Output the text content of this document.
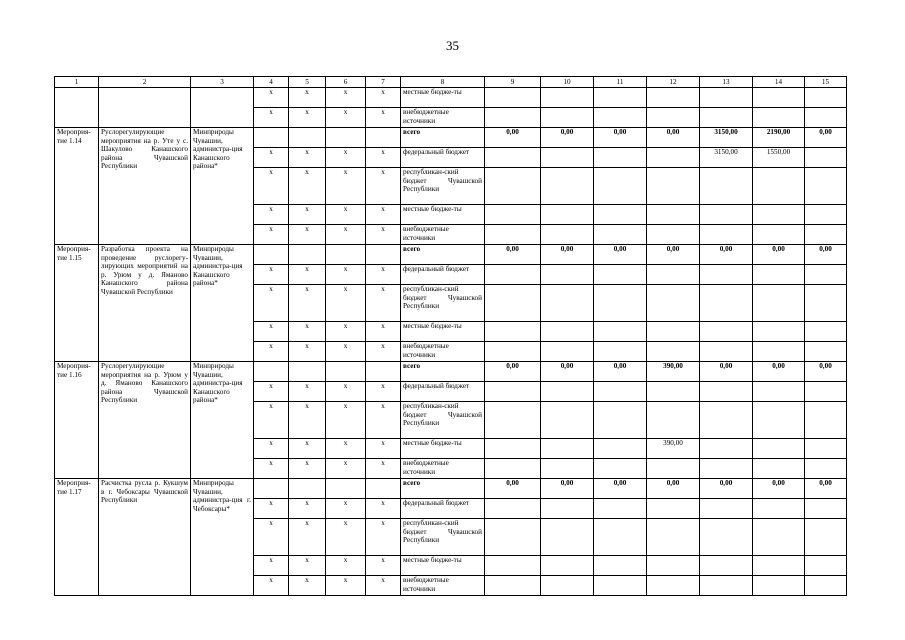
35
1	2	3	4	5	6	7	8	9	10	11	12	13	14	15
			х	х	х	х	местные бюдже-ты							
			х	х	х	х	внебюджетные источники							
Мероприя-тие 1.14	Руслорегулирующие мероприятия на р. Уте у с. Шакулово Канашского района Чувашской Республики	Минприроды Чувашии, администра-ция Канашского района*					всего	0,00	0,00	0,00	0,00	3150,00	2190,00	0,00
			х	х	х	х	федеральный бюджет					3150,00	1550,00	
			х	х	х	х	республикан-ский бюджет Чувашской Республики							
			х	х	х	х	местные бюдже-ты							
			х	х	х	х	внебюджетные источники							
Мероприя-тие 1.15	Разработка проекта на проведение руслорегулирующих мероприятий на р. Урюм у д. Яманово Канашского района Чувашской Республики	Минприроды Чувашии, администра-ция Канашского района*					всего	0,00	0,00	0,00	0,00	0,00	0,00	0,00
			х	х	х	х	федеральный бюджет							
			х	х	х	х	республикан-ский бюджет Чувашской Республики							
			х	х	х	х	местные бюдже-ты							
			х	х	х	х	внебюджетные источники							
Мероприя-тие 1.16	Руслорегулирующие мероприятия на р. Урюм у д. Яманово Канашского района Чувашской Республики	Минприроды Чувашии, администра-ция Канашского района*					всего	0,00	0,00	0,00	390,00	0,00	0,00	0,00
			х	х	х	х	федеральный бюджет							
			х	х	х	х	республикан-ский бюджет Чувашской Республики							
			х	х	х	х	местные бюдже-ты				390,00			
			х	х	х	х	внебюджетные источники							
Мероприя-тие 1.17	Расчистка русла р. Кукшум в г. Чебоксары Чувашской Республики	Минприроды Чувашии, администра-ция г. Чебоксары*					всего	0,00	0,00	0,00	0,00	0,00	0,00	0,00
			х	х	х	х	федеральный бюджет							
			х	х	х	х	республикан-ский бюджет Чувашской Республики							
			х	х	х	х	местные бюдже-ты							
			х	х	х	х	внебюджетные источники							
